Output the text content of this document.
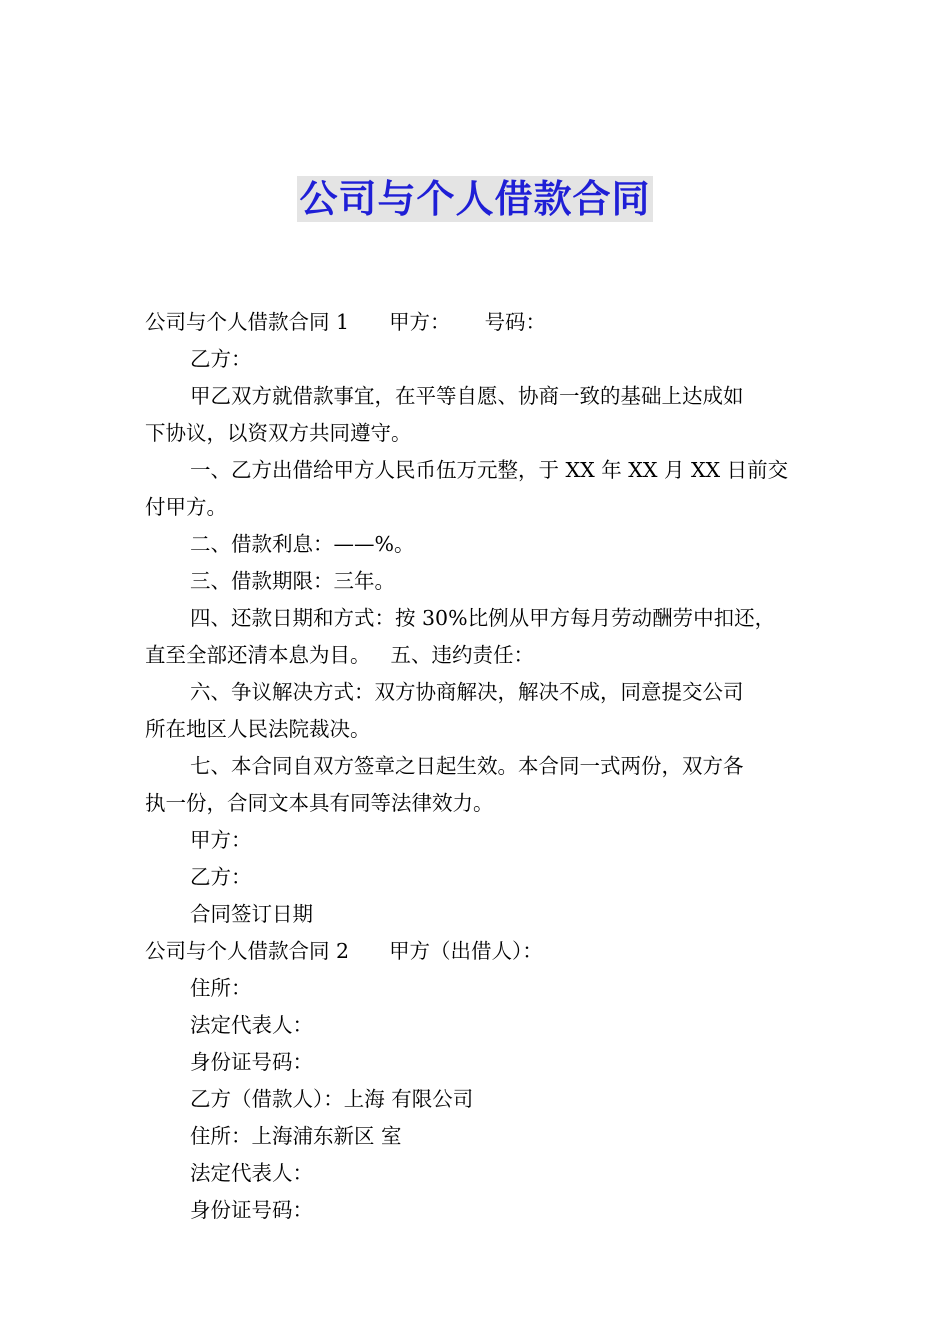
公司与个人借款合同
公司与个人借款合同 1 甲方： 号码：
乙方：
甲乙双方就借款事宜，在平等自愿、协商一致的基础上达成如
下协议，以资双方共同遵守。
一、乙方出借给甲方人民币伍万元整，于 XX 年 XX 月 XX 日前交
付甲方。
二、借款利息：——%。
三、借款期限：三年。
四、还款日期和方式：按 30%比例从甲方每月劳动酬劳中扣还，
直至全部还清本息为目。 五、违约责任：
六、争议解决方式：双方协商解决，解决不成，同意提交公司
所在地区人民法院裁决。
七、本合同自双方签章之日起生效。本合同一式两份，双方各
执一份，合同文本具有同等法律效力。
甲方：
乙方：
合同签订日期
公司与个人借款合同 2 甲方（出借人）：
住所：
法定代表人：
身份证号码：
乙方（借款人）：上海 有限公司
住所：上海浦东新区 室
法定代表人：
身份证号码：
